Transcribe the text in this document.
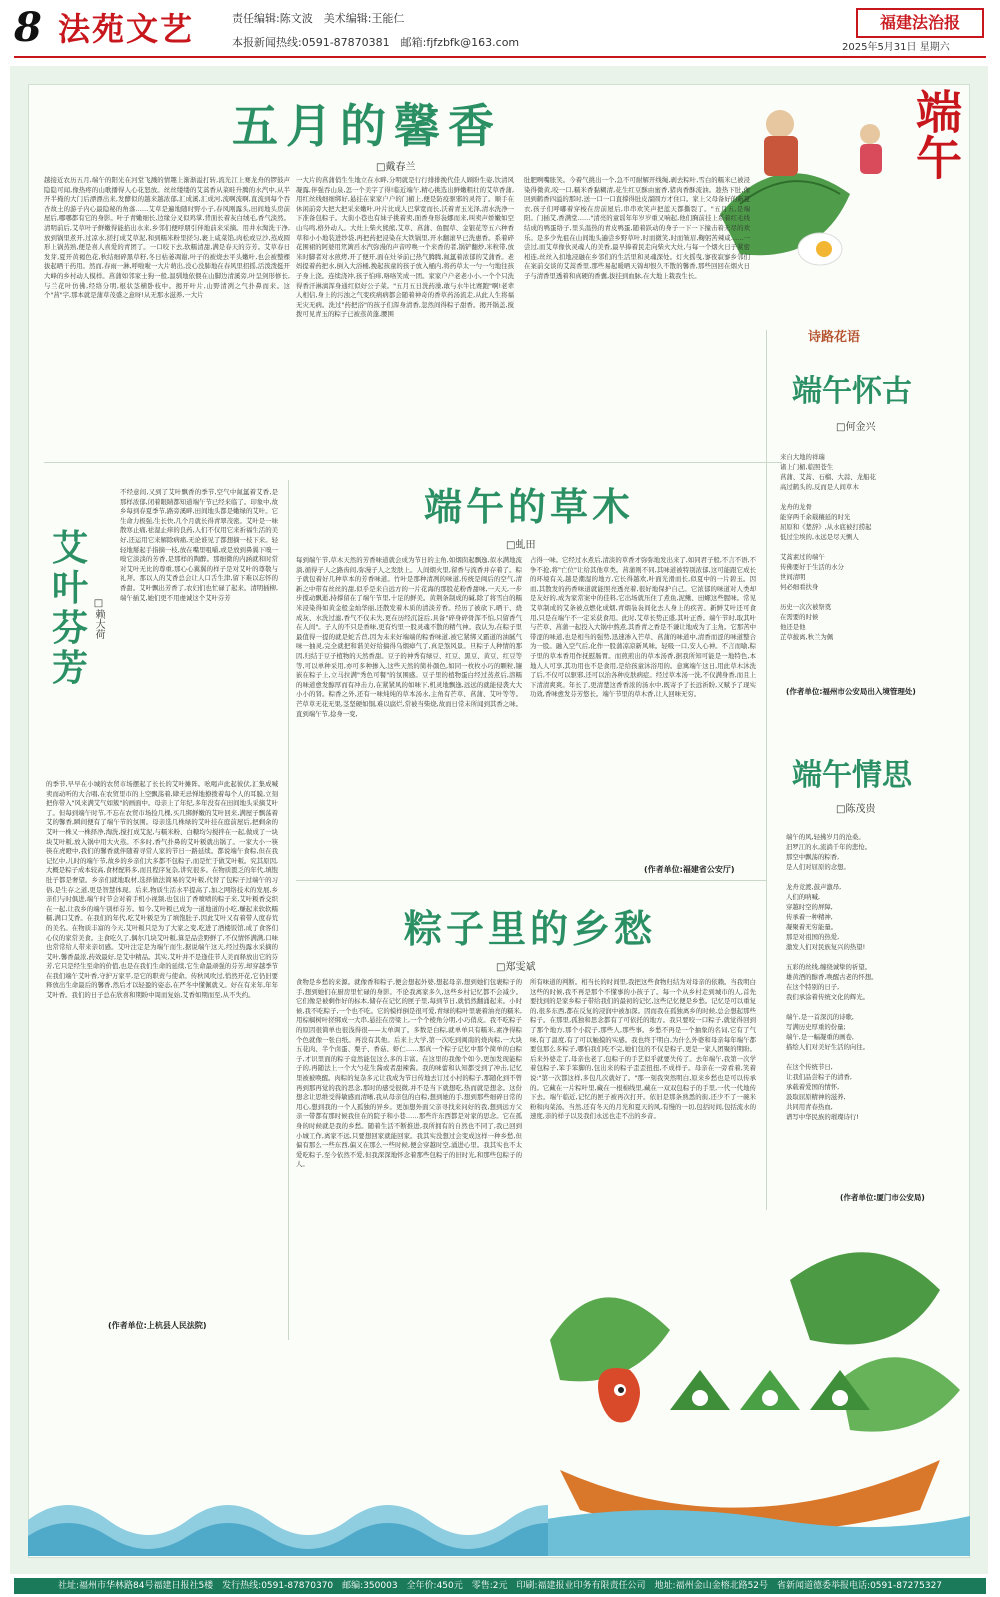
8 法苑文艺	责任编辑:陈文波　美术编辑:王能仁
本报新闻热线:0591-87870381　邮箱:fjfzbfk@163.com
福建法治报
2025年5月31日 星期六
端午
五月的馨香
□戴春兰
越接近农历五月,端午的阳光在河堂飞溅的情趣上渐渐溢打转,流光江上赛龙舟的锣鼓声隐隐可闻,像热疼的山歌播得人心花怒放。丝丝缕缕的艾蒿香从菜畦升腾的水汽中,从半开半掩的大门后漂漂出来,发酵似的越来越浓郁,汇成溪,汇成河,流啊流啊,直流到每个吞杏故土的游子内心最隐秘的角落……艾草是遍地随时野小子,春风刚露头,田间地头房前屋后,哪哪都有它的身影。叶子青嫩细长,边缘分叉似鸡掌,背面长着灰白绒毛,香气淡然。清明前后,艾草叶子鲜嫩得能掐出水来,乡邻们便呼朋引伴地前来采摘。用井水淘洗干净,放到锅里煮开,过凉水,搓打成艾草泥,和到糯米粉里搓匀,裹上咸菜馅,肉松或豆沙,蒸成圆形上锅蒸熟,便是喜人喜爱的青团了。一口咬下去,软糯清甜,满是春天的芬芳。艾草春日发芽,夏开黄褐色花,秋结细碎黑草籽,冬日枯萎凋谢,叶子的被烧去平头嫩叶,也会被整棵拔起晒干药用。然而,春雨一淋,呼啦啦一大片萌出,没心没肺地在春风里招摇,活泼泼挺开大峰的乡村动人模样。菖蒲如邻家士狗一般,温驯地依偎在山脚边清溪旁,叶呈剑形修长,与兰花叶仿佛,经络分明,根状茎横卧枝中。揭开叶片,山野清冽之气扑鼻而来。这个"菖"字,那本就是蒲草茂盛之意呀!从无那水滋养,一大片
一大片的菖蒲俏生生地立在水畔,分明就是行行排排挽代佳人顾盼生姿,饮清风凝露,伴强吞山泉,怎一个美字了得!临近端午,精心挑选出鲜嫩粗壮的艾草香蒲,用红丝线细细绑好,悬挂在家家户户的门楣上,便是防疫驱邪的灵符了。顺手在休闲前旁大把大把采来嫩叶,叶片比成人巴掌宽而长,沃着青玉光泽,清水洗净一下准备包粽子。大街小巷也有妹子挑着卖,面香身形袅娜而来,叫卖声娇嫩如空山鸟鸣,格外动人。大灶上柴火熊熊,艾草、菖蒲、鱼腥草、金银花等五六种香草和小小地装进纱袋,再把药把浸染在大铁锅里,开水翻滚早已洗惠香。系着碎花围裙的阿婆用笊篱舀水汽弥漫的声音哼唤一个来香的者,锅铲翻炒,米粒带,放米时脚者对水煎烤,开了便开,面在灶爷前已热气腾腾,氤氲着浓郁的艾蒲香。老妈提着药把水,倒入大浴桶,挽起孩童的孩子放入桶内,将药草太一勺一勺地往孩子身上浇。连续浇冲,孩子怕痒,咯咯笑成一团。家家户户老老小小,一个个只洗得香汗淋漓浑身通红似好公子菜。"五月五日洗药澡,敢与水牛比赛跑"啊!老辈人相信,身上的污浊之气变疾病病都会随着神奇的香草药汤流走,从此人生将福无灾无病。洗过"药把浴"的孩子们浑身清香,忽然间得粽子甜香。揭开锅盖,搅拨可见青玉的粽子已被蒸黄蓬,腰围
肚肥咧嘴胀笑。今着气挑出一个,急不可耐解开线绳,剥去粽叶,雪白的糯米已被浸染得微黄,咬一口,糯米香黏糊清,花生红豆酥由蜜香,猪肉香酥流油。趁热下肚,像回到鹤香四溢的那时,送一口一口直撑得肚皮溜圆方才住口。家上父母备好的新夏衣,孩子们呼嘟着穿梭在房前屋后,串串欢笑声把蓝天都撕裂了。"五月五,是端阳。门插艾,香满堂……"清亮的童谣年年岁岁重又响起,他们胸前挂上系着红毛线结成的鸭蛋络子,里头温热的青皮鸭蛋,随着跃动的身子一下一下撞击着无尽的欢乐。是多少先祖在山间地头遍尝乡野草叶,时而微笑,时而皱眉,鞠躬苦辣咸……一尝过,而艾草像伙灵魂人的美香,最早捧着民走向柴火大灶,与每一个烟火日子紧密相连,丝丝入扣地浸融在乡邻们的生活里和灵魂深处。灯火摇曳,寥夜寂寥乡邻们在案前交谈的艾蒿香里,那些易起暖晒天锦却恨久不散的馨香,那些回回在烟火日子与清香里透着和真硬的香囊,拔挂到血脉,在大地上栽我生长。
艾叶芬芳
□赖大荷
不经意间,又到了艾叶飘香的季节,空气中氤氲着艾香,是那样浓郁,闭着眼睛都知道端午节已经来临了。印象中,故乡每到春夏季节,路旁溪畔,田间地头都是嫩绿的艾叶。它生命力极强,生长快,几个月就长得青翠茂密。艾叶是一味散寒止痛,祛湿止痒的良药,人们不仅用它来祈福生活的美好,还运用它来解除病痛,无论谁见了都想摘一枝下来。轻轻地掰起手指摘一枝,放在嘴里咀嚼,或是放到鼻翼下嗅一嗅它淡淡的芳香,是那样的陶醉。那细微的内涵就和时常对艾叶无比的尊重,那心心翼翼的样子是对艾叶的尊敬与礼拜。那以人的艾香总会让人口舌生津,留下难以忘怀的香甜。艾叶飘出芳香了,农妇们也忙碌了起来。清明插柳,端午插艾,她们更不用虔诚这个艾叶芬芳
的季节,早早在小城的农贸市场摆起了长长的艾叶摊阵。吆喝声此起彼伏,汇集成喊卖而动听的大合唱,在农贸里市的上空飘荡着,肆无忌惮地撩拨着每个人的耳膜,立刻把你带入"风来满艾气如簇"的画面中。母亲上了年纪,多年没有在田间地头采摘艾叶了。但每到端午时节,不忘在农贸市场捡几棵,买几绑鲜嫩的艾叶回来,满屋子飘荡着艾的馨香,瞬间便有了端午节的氛围。母亲选几株绿的艾叶挂在庭前屋后,把剩余的艾叶一株又一株择净,淘洗,搅打成艾泥,与糯米粉、白糖均匀搅拌在一起,做成了一块块艾叶粄,放入锅中用大火蒸。不多时,香气扑鼻的艾叶粄就出锅了。一家大小一筷筷在虎瞪中,我们的馨香就伴随着寻常人家的节日一路延续。都说端午食粽,但在我记忆中,儿时的端午节,故乡的乡亲们大多都不包粽子,而是忙于做艾叶粄。究其原因,大概是粽子成本较高,食材配料多,而且程序复杂,讲究很多。在物质匮乏的年代,填饱肚子都是奢望。乡亲们就地取材,选择做法简易的艾叶粄,代替了包粽子过端午的习俗,是生存之道,更是智慧体现。后来,物质生活水平提高了,加之网络技术的发展,乡亲们与时俱进,端午时节会对着手机小视频,也包出了香喷喷的粽子来,艾叶粄香交织在一起,让我乡的端午别样芬芳。如今,艾叶粄已成为一道地道的小吃,赚起来软软糯糯,满口艾香。在我们的年代,吃艾叶粄是为了填饱肚子,因此艾叶又有着带人度春荒的美名。在物质丰富的今天,艾叶粄只是为了大家之变,吃进了酒楼饭馆,成了食客们心仪的家常美食。主食吃久了,偶尔几块艾叶粄,算是品尝野鲜了,不仅情怀满满,口味也常常给人带来亲切感。艾叶注定是为端午而生,据说端午这天,经过热露水采摘的艾叶,馨香最浓,药效最好,是艾中精品。其实,艾叶并不是逢佳节人美而释放出它的芬芳,它只是经生至命的价值,也是在我们生命的延续,它生命最顽强的芬芳,却穿越季节在我们端午艾叶香,守护万家平,是它的职责与使命。传秋风吹过,悄然开花,它仍旧要释放出生命最后的馨香,然后才以轻盈的姿态,在严冬中懂佩就义。好在有来年,年年艾叶香。我们的日子总在欣喜和期盼中周而复始,艾香如期而至,从不失约。
(作者单位:上杭县人民法院)
端午的草木
□虬田
每到端午节,草木天然的芳香味道就会成为节日的主角,如烟囱起飘逸,似水满地流淌,循得子人之路齿间,弥漫子人之发肤上。人间烟火里,留香与流香并存着了。粽子就包着好几种草本的芳香味道。竹叶是那种清冽的味道,传统是闽后的空气,清新之中带有丝丝的甜,似乎是来自远方的一片花海的那股花粉香甜味,一天天,一步步揽动飘逝,持撑留在了端午节里,十足的鲜美。黄荆条制成的碱,除了将雪白的糯米浸染得如黄金般金灿华丽,还散发着木质的清淡芳香。经历了被砍下,晒干、烧成灰、水洗过滤,香气不仅未失,更在历经沉淀后,具备"碎身碎骨浑不怕,只留香气在人间"。子人的不只是香味,更有灼里一股灵魂不散的精气神。我认为,在粽子里最值得一提的就是蛇舌苣,因为未来好端端的粽香味道,被它紧绑又霸道的油腻气味一抽灵,完全就把和谐美好给搞得乌烟瘴气了,真是煞风景。旦粽子人种情的那因,归结于豆子植物的天然香甜。豆子的神秀有绿豆、红豆、黑豆、黄豆、红豆等等,可以单种采用,亦可多种掺入,这些天然的简朴颜色,如同一枚枚小巧的颗粒,镶嵌在粽子上,立马拉满"秀色可餐"的氛围感。豆子里的植物蛋白经过蒸煮后,溶糯的味道愈发醇厚而有冲击力,在紧紧风的如味下,机灵地飘逸,远远的就能侵袭大大小小的肾。粽香之外,还有一味炖炖的草本汤水,主角有芒草、菖蒲、艾叶等等。芒草草无花无果,茎坚硬如铜,难以腐烂,常被当柴烧,故而日常未所闻到其香之味。直到端午节,捻身一变,
占得一味。它经过水煮后,清淡的草香才弥弥地发出来了,如同君子般,不言不语,不争不抢,将"亡位"让给其他草类。菖蒲则不同,其味道被特别浓郁,这可能跟它成长的环境有关,越是潮湿的地方,它长得越欢,叶面光滑而长,似夏中的一片碧玉。因而,其散发的药香味道就能照亮透亮着,很好地保护自己。它浓郁的味道对人类却是友好的,成为家常案中的佳料,它出场就压住了煮鱼,泥鳅、田螺这些腥味。常见艾草制成的艾条被点燃化成烟,青烟袅袅间化去人身上的疾苦。新鲜艾叶还可食用,只是在端午不一定采获食用。此时,艾草长势正盛,其叶正香。端午节时,取其叶与芒草、菖蒲一起投入大锅中熬煮,其香青之香是不谦让地成为了主角。它那苦中带涩的味道,也是相当的强势,迅速渗入芒草、菖蒲的味道中,清香而涩的味道整合为一股。融入空气后,化作一股蒲凉凉新风味。轻吸一口,安人心神。不言而喻,粽子里的草本香用作抚慰肠胃。而煎煎出的草本汤香,据我所知可能是一地特色,本地人人可享,其功用也不是食用,是给孩童沐浴用的。意寓端午这日,用此草木沐洗了后,不仅可以驱邪,还可以治各种皮肤病症。经过草本汤一洗,不仅满身香,而且上下清清爽爽。年长了,更清楚这香香浓的汤水中,既寄予了长远祈盼,又赋予了现实功效,香味愈发芬芳悠长。端午节里的草木香,让人回味无穷。
(作者单位:福建省公安厅)
粽子里的乡愁
□郑雯斌
食物是乡愁的来源。就像香和粽子,便会想起外婆,想起母亲,想到她们包裹粽子的手,想到她们在厨房里忙碌的身影。不论我离家多久,这些乡村记忆都不会减少。它们像是被剩作好的标本,储存在记忆的匣子里,每到节日,就悄然翻涌起来。小时候,我不吃粽子,一个也不吃。它的模样倒是很可爱,青绿的粽叶里裹着油亮的糯米,用棕榈树叶搓绑成一大串,悬挂在房梁上,一个个棱角分明,小巧俏皮。我不吃粽子的原因很简单也很浅得很——太单调了。多数是白粽,就单单只有糯米,素净得粽个色就像一张白纸。再没有其他。后来上大学,第一次吃到闽南的烧肉粽,一大块五花肉、半个卤蛋、栗子、香菇、虾仁……那真一个粽子记忆中那个简单的白粽子,才识里面的粽子竟然能包这么多的丰富。在这里的我像个如今,更加发现能粽子的,再随法上一个大勺花生酱或者甜辣酱。我的味蕾和认知都受到了冲击,记忆里被被唤醒。肉粽的复杂多元让我成为节日传地去订过小村的粽子,那随化到不曾再到那再觉的我的思念,那时的感受很微,并不是当下就想吃,热而就是想念。这份想念让思维受得敏感而清晰,我从母亲包的白粽,想到她的手,想到那些细碎日常的用心,想到我的一个人孤独的异乡。更加想外面父亲寻找来问好的我,想到远方父亲一带都有那时候我住在的院子和小巷……那些许东西都是对家的思念。它在孤身的时候就是我的乡愁。随着生活不断推进,我所拥有的自然也不同了,我已回到小城工作,离家不远,只要想回家就能回家。我其实没想过会变成这样一种乡愁,但偏有那么一些东西,偏又在那么一些时候,便会穿越时空,涌进心里。我其实也不太爱吃粽子,至今依然不爱,但我深深地怀念着那些包粽子的旧时光,和那些包粽子的人。
所有味道的判断。相当长的时间里,我把这些食物归结为对母亲的依赖。当我明白这些的时候,我不再是那个不懂事的小孩子了。每一个从乡村走到城市的人,首先要找到的是家乡粽子带给我们的最初的记忆,这些记忆便是乡愁。记忆是可以重复的,很多东西,都在反复的浸润中被加深。因而我在孤独离乡的时候,总会想起那些粽子。在那里,孤独和思念都有了可依托的地方。我只要咬一口粽子,就觉得回到了那个地方,那个小院子,那些人,那些事。乡愁不再是一个抽象的名词,它有了气味,有了温度,有了可以触摸的实感。我也终于明白,为什么外婆和母亲每年端午都要包那么多粽子,哪怕我们吃不完,她们包的不仅是粽子,更是一家人团聚的期盼。后来外婆走了,母亲也老了,包粽子的手艺似乎就要失传了。去年端午,我第一次学着包粽子,笨手笨脚的,包出来的粽子歪歪扭扭,不成样子。母亲在一旁看着,笑着说:"第一次都这样,多包几次就好了。"那一刻我突然明白,原来乡愁也是可以传承的。它藏在一片粽叶里,藏在一根棉线里,藏在一双双包粽子的手里,一代一代地传下去。端午临近,记忆的匣子被再次打开。依旧是那条熟悉的街,还少不了一碗米粉和肉菜汤。当然,还有冬天的月光和夏天的风,有慢的一切,包括时间,包括流水的速度,亲的样子以及我们永远也走不出的乡音。
诗路花语
端午怀古
□何金兴
来自大地的祥瑞
诸上门楣,临照苍生
菖蒲、艾蒿、石榴、大蒜、龙船花
高过鹤头的,反而是人间草木

龙舟的龙骨
能穿两千余载穰延的时光
屈原和《楚辞》,从水底被打捞起
低过尘埃的,永远是尽天恻人

艾蒿素过的端午
传佛要好于生活的水分
世间清明
何必细看扶身

历史一次次被祭奠
在需要的时候
他还是他
芷草披离,秋兰为佩
(作者单位:福州市公安局出入境管理处)
端午情思
□陈茂贵
端午的风,轻拂岁月的沧桑。
汨罗江的水,流淌千年的悲怆。
那空中飘荡的粽香,
是人们对屈原的念想。

龙舟竞渡,鼓声激昂,
人们的呐喊,
穿越时空的屏障,
传承着一种精神,
凝聚着无穷能量。
那是对祖国的热爱,
激发人们对民族复兴的热望!

五彩的丝线,缠绕诚挚的祈望。
雄黄酒的醇香,唤醒古老的怀想。
在这个特别的日子,
我们承涂着传统文化的辉光。

端午,是一首深沉的诗歌,
写满历史厚重的份量;
端午,是一幅凝重的画卷,
描绘人们对美好生活的向往。

在这个传统节日,
让我们品尝粽子的清香,
承载着爱国的情怀,
汲取屈原精神的滋养,
共同用青春热血,
谱写中华民族的璀璨诗行!
(作者单位:厦门市公安局)
社址:福州市华林路84号福建日报社5楼　发行热线:0591-87870370　邮编:350003　全年价:450元　零售:2元　印刷:福建报业印务有限责任公司　地址:福州金山金榕北路52号　省新闻道德委举报电话:0591-87275327
